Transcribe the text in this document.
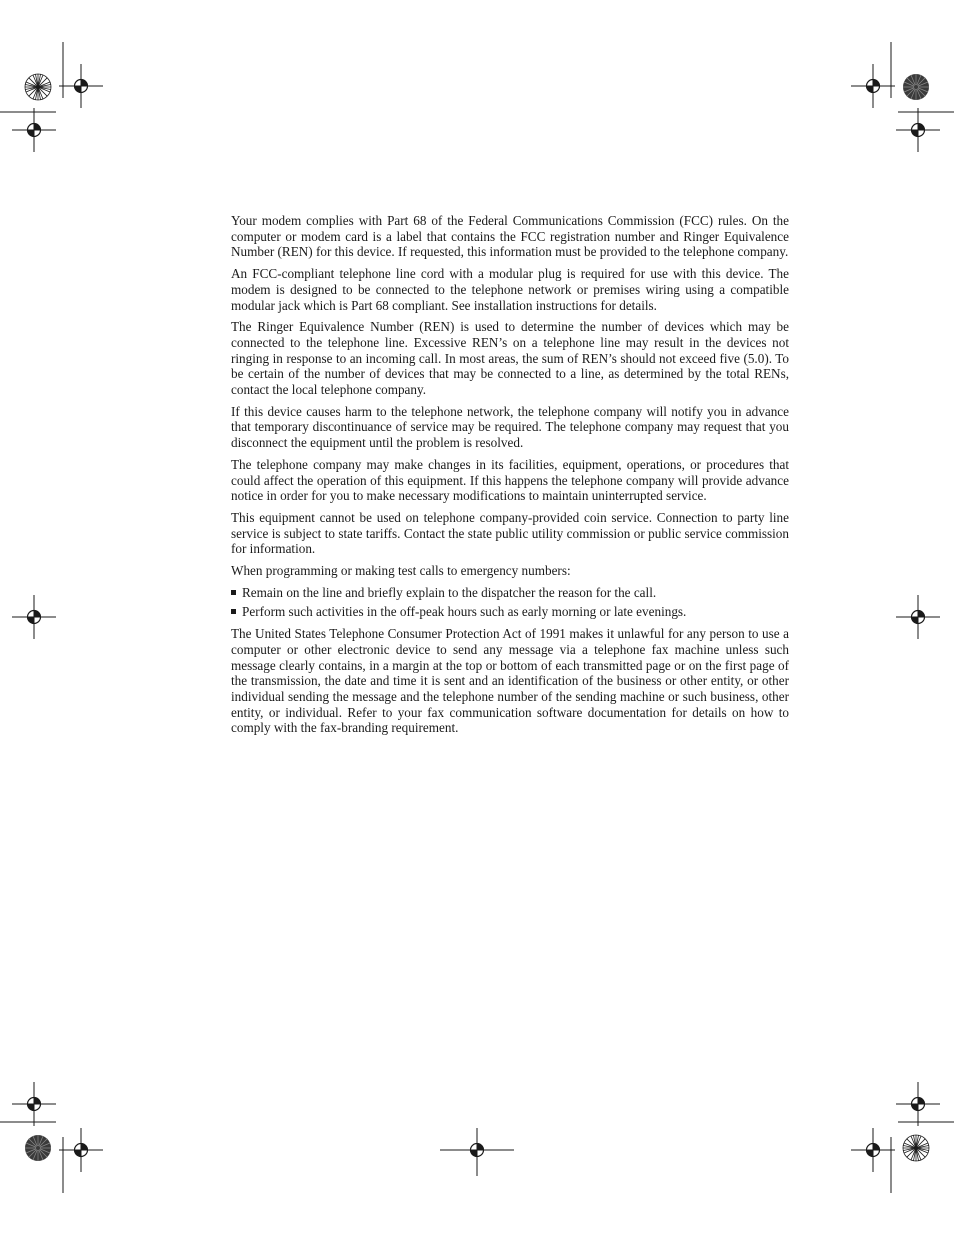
Your modem complies with Part 68 of the Federal Communications Commission (FCC) rules. On the computer or modem card is a label that contains the FCC registration number and Ringer Equivalence Number (REN) for this device. If requested, this information must be provided to the telephone company.

An FCC-compliant telephone line cord with a modular plug is required for use with this device. The modem is designed to be connected to the telephone network or premises wiring using a compatible modular jack which is Part 68 compliant. See installation instructions for details.

The Ringer Equivalence Number (REN) is used to determine the number of devices which may be connected to the telephone line. Excessive REN’s on a telephone line may result in the devices not ringing in response to an incoming call. In most areas, the sum of REN’s should not exceed five (5.0). To be certain of the number of devices that may be connected to a line, as determined by the total RENs, contact the local telephone company.

If this device causes harm to the telephone network, the telephone company will notify you in advance that temporary discontinuance of service may be required. The telephone company may request that you disconnect the equipment until the problem is resolved.

The telephone company may make changes in its facilities, equipment, operations, or procedures that could affect the operation of this equipment. If this happens the telephone company will provide advance notice in order for you to make necessary modifications to maintain uninterrupted service.

This equipment cannot be used on telephone company-provided coin service. Connection to party line service is subject to state tariffs. Contact the state public utility commission or public service commission for information.

When programming or making test calls to emergency numbers:

Remain on the line and briefly explain to the dispatcher the reason for the call.
Perform such activities in the off-peak hours such as early morning or late evenings.

The United States Telephone Consumer Protection Act of 1991 makes it unlawful for any person to use a computer or other electronic device to send any message via a telephone fax machine unless such message clearly contains, in a margin at the top or bottom of each transmitted page or on the first page of the transmission, the date and time it is sent and an identification of the business or other entity, or other individual sending the message and the telephone number of the sending machine or such business, other entity, or individual. Refer to your fax communication software documentation for details on how to comply with the fax-branding requirement.
